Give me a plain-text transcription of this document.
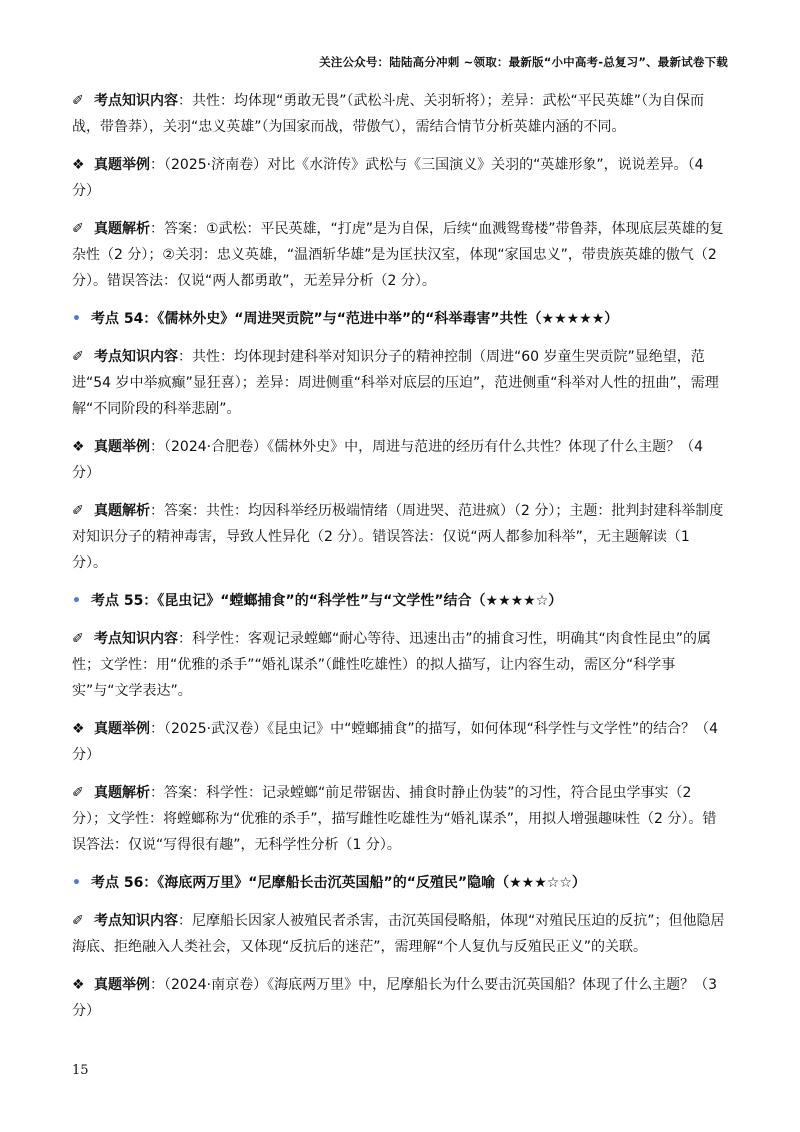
关注公众号：陆陆高分冲刺 ~领取：最新版“小中高考-总复习”、最新试卷下载

✐ 考点知识内容：共性：均体现“勇敢无畏”（武松斗虎、关羽斩将）；差异：武松“平民英雄”（为自保而战，带鲁莽），关羽“忠义英雄”（为国家而战，带傲气），需结合情节分析英雄内涵的不同。

❖ 真题举例：（2025·济南卷）对比《水浒传》武松与《三国演义》关羽的“英雄形象”，说说差异。（4 分）

✐ 真题解析：答案：①武松：平民英雄，“打虎”是为自保，后续“血溅鸳鸯楼”带鲁莽，体现底层英雄的复杂性（2 分）；②关羽：忠义英雄，“温酒斩华雄”是为匡扶汉室，体现“家国忠义”，带贵族英雄的傲气（2 分）。错误答法：仅说“两人都勇敢”，无差异分析（2 分）。

• 考点 54：《儒林外史》“周进哭贡院”与“范进中举”的“科举毒害”共性（★★★★★）

✐ 考点知识内容：共性：均体现封建科举对知识分子的精神控制（周进“60 岁童生哭贡院”显绝望，范进“54 岁中举疯癫”显狂喜）；差异：周进侧重“科举对底层的压迫”，范进侧重“科举对人性的扭曲”，需理解“不同阶段的科举悲剧”。

❖ 真题举例：（2024·合肥卷）《儒林外史》中，周进与范进的经历有什么共性？体现了什么主题？（4 分）

✐ 真题解析：答案：共性：均因科举经历极端情绪（周进哭、范进疯）（2 分）；主题：批判封建科举制度对知识分子的精神毒害，导致人性异化（2 分）。错误答法：仅说“两人都参加科举”，无主题解读（1 分）。

• 考点 55：《昆虫记》“螳螂捕食”的“科学性”与“文学性”结合（★★★★☆）

✐ 考点知识内容：科学性：客观记录螳螂“耐心等待、迅速出击”的捕食习性，明确其“肉食性昆虫”的属性；文学性：用“优雅的杀手”“婚礼谋杀”（雌性吃雄性）的拟人描写，让内容生动，需区分“科学事实”与“文学表达”。

❖ 真题举例：（2025·武汉卷）《昆虫记》中“螳螂捕食”的描写，如何体现“科学性与文学性”的结合？（4 分）

✐ 真题解析：答案：科学性：记录螳螂“前足带锯齿、捕食时静止伪装”的习性，符合昆虫学事实（2 分）；文学性：将螳螂称为“优雅的杀手”，描写雌性吃雄性为“婚礼谋杀”，用拟人增强趣味性（2 分）。错误答法：仅说“写得很有趣”，无科学性分析（1 分）。

• 考点 56：《海底两万里》“尼摩船长击沉英国船”的“反殖民”隐喻（★★★☆☆）

✐ 考点知识内容：尼摩船长因家人被殖民者杀害，击沉英国侵略船，体现“对殖民压迫的反抗”；但他隐居海底、拒绝融入人类社会，又体现“反抗后的迷茫”，需理解“个人复仇与反殖民正义”的关联。

❖ 真题举例：（2024·南京卷）《海底两万里》中，尼摩船长为什么要击沉英国船？体现了什么主题？（3 分）

15
